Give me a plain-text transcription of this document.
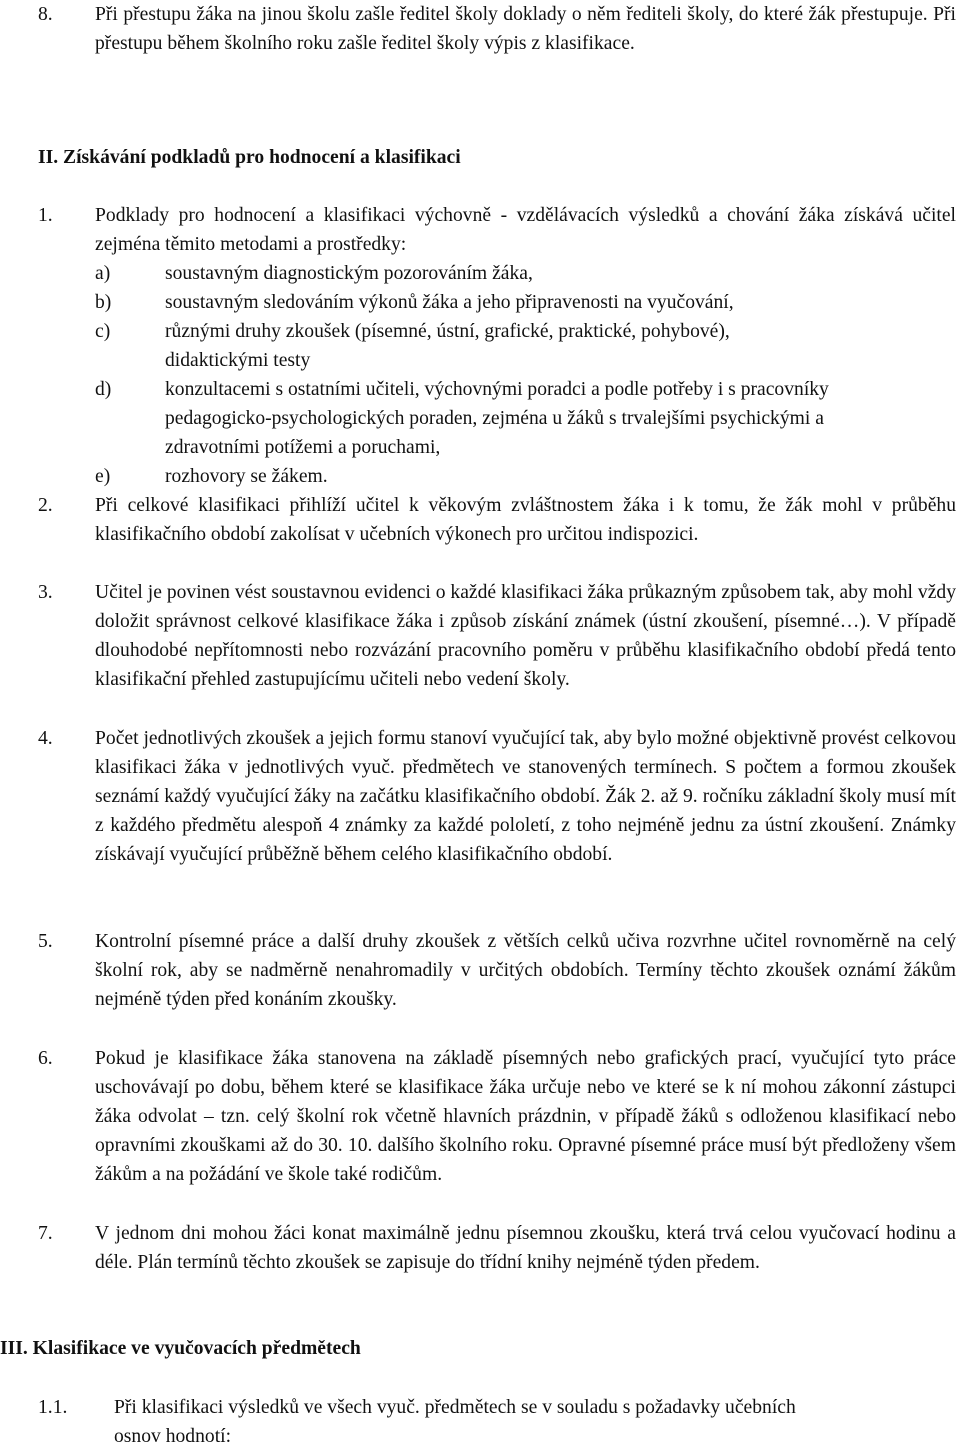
8. Při přestupu žáka na jinou školu zašle ředitel školy doklady o něm řediteli školy, do které žák přestupuje. Při přestupu během školního roku zašle ředitel školy výpis z klasifikace.
II. Získávání podkladů pro hodnocení a klasifikaci
1. Podklady pro hodnocení a klasifikaci výchovně - vzdělávacích výsledků a chování žáka získává učitel zejména těmito metodami a prostředky:
a)	soustavným diagnostickým pozorováním žáka,
b)	soustavným sledováním výkonů žáka a jeho připravenosti na vyučování,
c)	různými druhy zkoušek (písemné, ústní, grafické, praktické, pohybové), didaktickými testy
d)	konzultacemi s ostatními učiteli, výchovnými poradci a podle potřeby i s pracovníky pedagogicko-psychologických poraden, zejména u žáků s trvalejšími psychickými a zdravotními potížemi a poruchami,
e)	rozhovory se žákem.
2. Při celkové klasifikaci přihlíží učitel k věkovým zvláštnostem žáka i k tomu, že žák mohl v průběhu klasifikačního období zakolísat v učebních výkonech pro určitou indispozici.
3. Učitel je povinen vést soustavnou evidenci o každé klasifikaci žáka průkazným způsobem tak, aby mohl vždy doložit správnost celkové klasifikace žáka i způsob získání známek (ústní zkoušení, písemné…). V případě dlouhodobé nepřítomnosti nebo rozvázání pracovního poměru v průběhu klasifikačního období předá tento klasifikační přehled zastupujícímu učiteli nebo vedení školy.
4. Počet jednotlivých zkoušek a jejich formu stanoví vyučující tak, aby bylo možné objektivně provést celkovou klasifikaci žáka v jednotlivých vyuč. předmětech ve stanovených termínech. S počtem a formou zkoušek seznámí každý vyučující žáky na začátku klasifikačního období. Žák 2. až 9. ročníku základní školy musí mít z každého předmětu alespoň 4 známky za každé pololetí, z toho nejméně jednu za ústní zkoušení. Známky získávají vyučující průběžně během celého klasifikačního období.
5. Kontrolní písemné práce a další druhy zkoušek z větších celků učiva rozvrhne učitel rovnoměrně na celý školní rok, aby se nadměrně nenahromadily v určitých obdobích. Termíny těchto zkoušek oznámí žákům nejméně týden před konáním zkoušky.
6. Pokud je klasifikace žáka stanovena na základě písemných nebo grafických prací, vyučující tyto práce uschovávají po dobu, během které se klasifikace žáka určuje nebo ve které se k ní mohou zákonní zástupci žáka odvolat – tzn. celý školní rok včetně hlavních prázdnin, v případě žáků s odloženou klasifikací nebo opravními zkouškami až do 30. 10. dalšího školního roku. Opravné písemné práce musí být předloženy všem žákům a na požádání ve škole také rodičům.
7. V jednom dni mohou žáci konat maximálně jednu písemnou zkoušku, která trvá celou vyučovací hodinu a déle. Plán termínů těchto zkoušek se zapisuje do třídní knihy nejméně týden předem.
III. Klasifikace ve vyučovacích předmětech
1.1. Při klasifikaci výsledků ve všech vyuč. předmětech se v souladu s požadavky učebních osnov hodnotí:
